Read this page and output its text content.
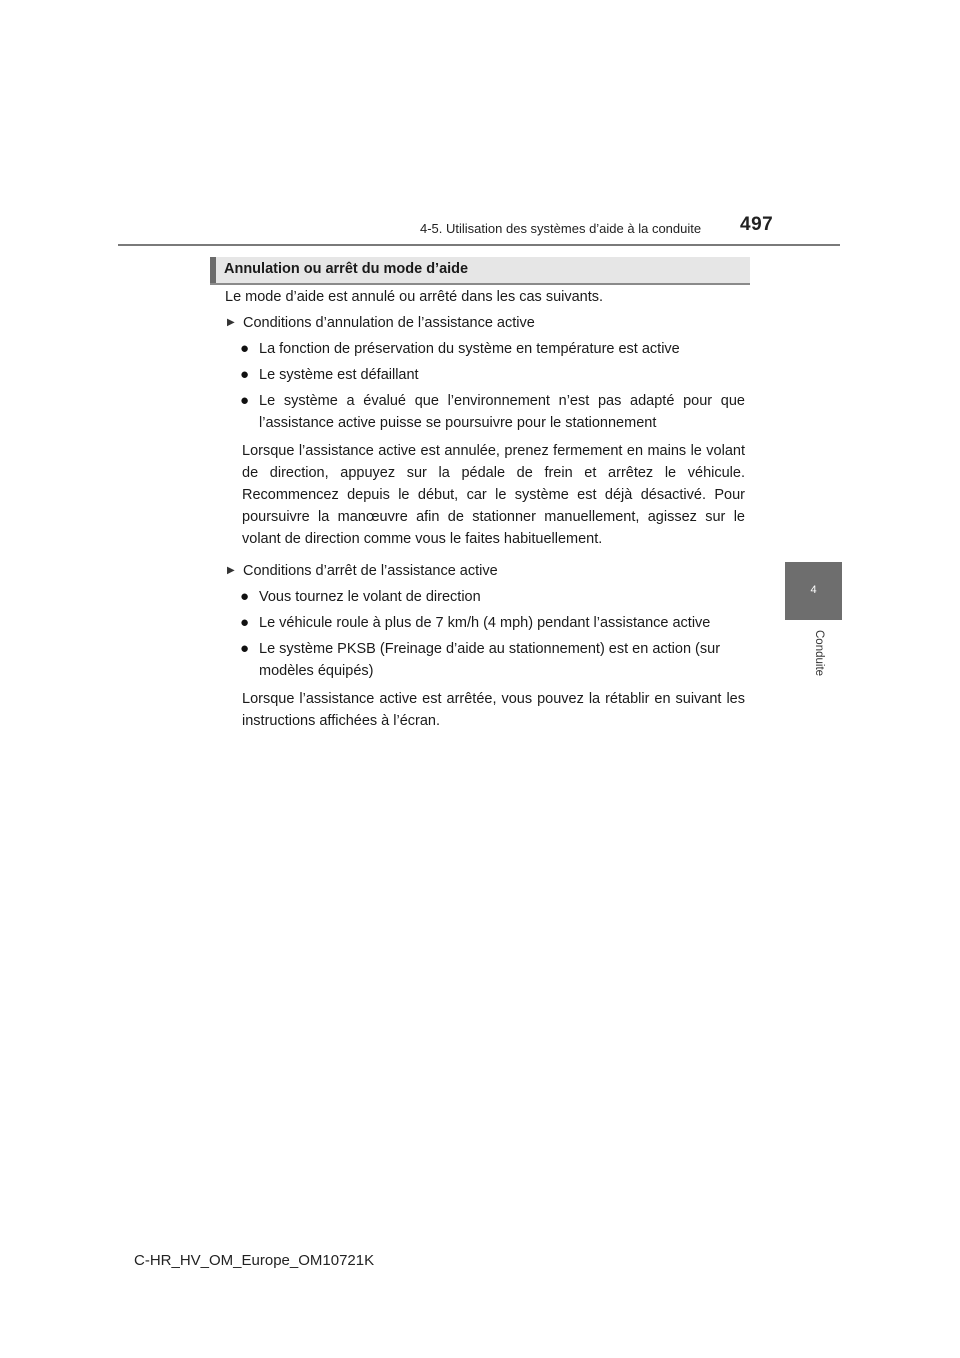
4-5. Utilisation des systèmes d’aide à la conduite 497
Annulation ou arrêt du mode d’aide
Le mode d’aide est annulé ou arrêté dans les cas suivants.
▶ Conditions d’annulation de l’assistance active
● La fonction de préservation du système en température est active
● Le système est défaillant
● Le système a évalué que l’environnement n’est pas adapté pour que l’assistance active puisse se poursuivre pour le stationnement
Lorsque l’assistance active est annulée, prenez fermement en mains le volant de direction, appuyez sur la pédale de frein et arrêtez le véhicule. Recommencez depuis le début, car le système est déjà désactivé. Pour poursuivre la manœuvre afin de stationner manuellement, agissez sur le volant de direction comme vous le faites habituellement.
▶ Conditions d’arrêt de l’assistance active
● Vous tournez le volant de direction
● Le véhicule roule à plus de 7 km/h (4 mph) pendant l’assistance active
● Le système PKSB (Freinage d’aide au stationnement) est en action (sur modèles équipés)
Lorsque l’assistance active est arrêtée, vous pouvez la rétablir en suivant les instructions affichées à l’écran.
4
Conduite
C-HR_HV_OM_Europe_OM10721K
